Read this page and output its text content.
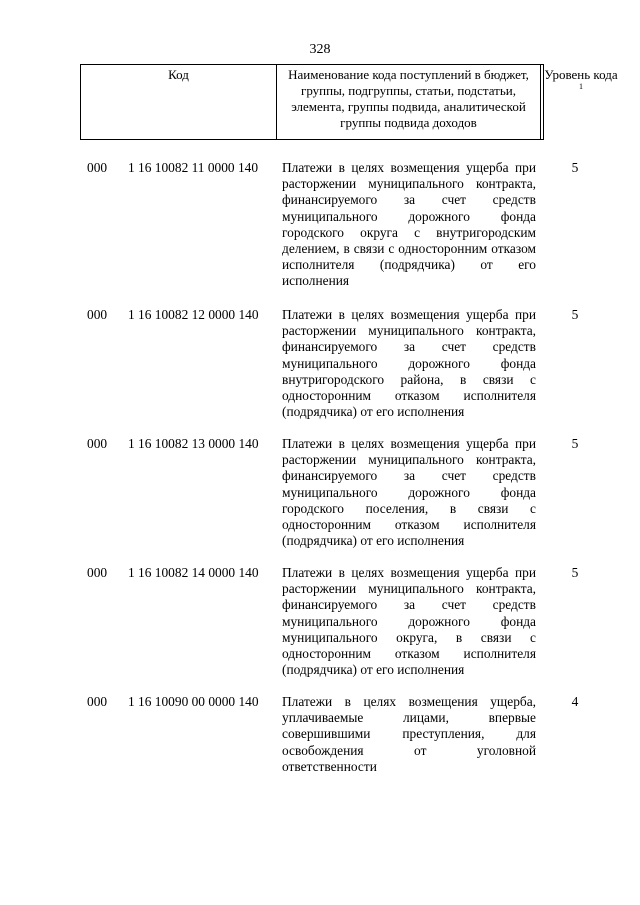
328
Код	Наименование кода поступлений в бюджет, группы, подгруппы, статьи, подстатьи, элемента, группы подвида, аналитической группы подвида доходов
Уровень кода $^1$
000 1 16 10082 11 0000 140 Платежи в целях возмещения ущерба при расторжении муниципального контракта, финансируемого за счет средств муниципального дорожного фонда городского округа с внутригородским делением, в связи с односторонним отказом исполнителя (подрядчика) от его исполнения
5
000 1 16 10082 12 0000 140 Платежи в целях возмещения ущерба при расторжении муниципального контракта, финансируемого за счет средств муниципального дорожного фонда внутригородского района, в связи с односторонним отказом исполнителя (подрядчика) от его исполнения
5
000 1 16 10082 13 0000 140 Платежи в целях возмещения ущерба при расторжении муниципального контракта, финансируемого за счет средств муниципального дорожного фонда городского поселения, в связи с односторонним отказом исполнителя (подрядчика) от его исполнения
5
000 1 16 10082 14 0000 140 Платежи в целях возмещения ущерба при расторжении муниципального контракта, финансируемого за счет средств муниципального дорожного фонда муниципального округа, в связи с односторонним отказом исполнителя (подрядчика) от его исполнения
5
000 1 16 10090 00 0000 140 Платежи в целях возмещения ущерба, уплачиваемые лицами, впервые совершившими преступления, для освобождения от уголовной ответственности
4
